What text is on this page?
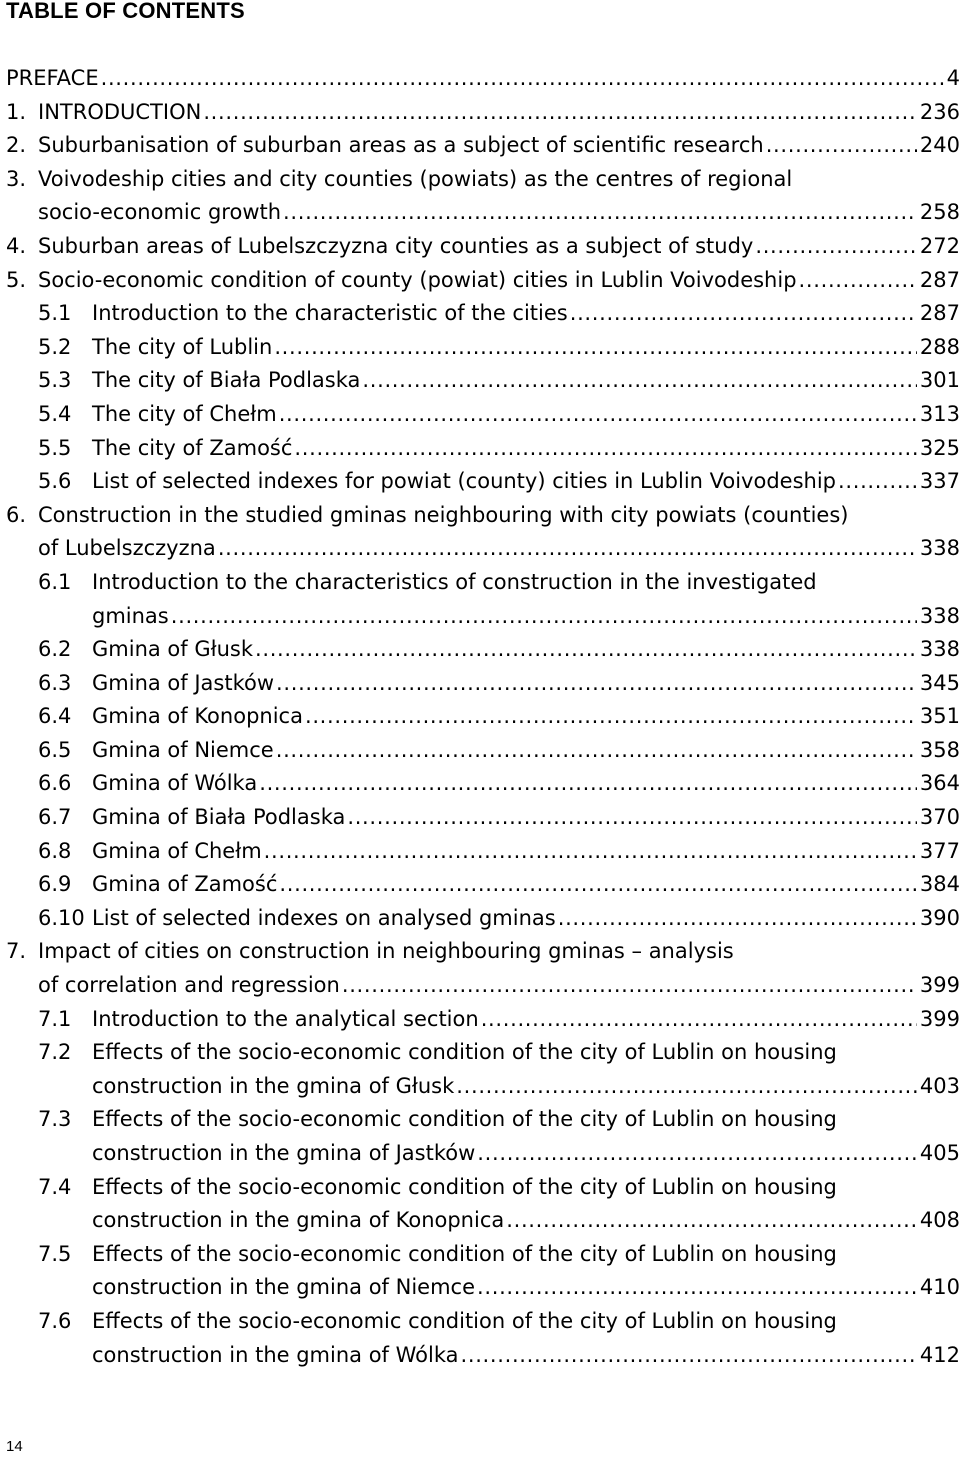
TABLE OF CONTENTS
PREFACE . . .	4
1. INTRODUCTION . . .	236
2. Suburbanisation of suburban areas as a subject of scientific research . . .	240
3. Voivodeship cities and city counties (powiats) as the centres of regional
socio-economic growth . . .	258
4. Suburban areas of Lubelszczyzna city counties as a subject of study . . .	272
5. Socio-economic condition of county (powiat) cities in Lublin Voivodeship . . .	287
5.1 Introduction to the characteristic of the cities . . .	287
5.2 The city of Lublin . . .	288
5.3 The city of Biała Podlaska . . .	301
5.4 The city of Chełm . . .	313
5.5 The city of Zamość . . .	325
5.6 List of selected indexes for powiat (county) cities in Lublin Voivodeship . . .	337
6. Construction in the studied gminas neighbouring with city powiats (counties)
of Lubelszczyzna . . .	338
6.1 Introduction to the characteristics of construction in the investigated
gminas . . .	338
6.2 Gmina of Głusk . . .	338
6.3 Gmina of Jastków . . .	345
6.4 Gmina of Konopnica . . .	351
6.5 Gmina of Niemce . . .	358
6.6 Gmina of Wólka . . .	364
6.7 Gmina of Biała Podlaska . . .	370
6.8 Gmina of Chełm . . .	377
6.9 Gmina of Zamość . . .	384
6.10 List of selected indexes on analysed gminas . . .	390
7. Impact of cities on construction in neighbouring gminas – analysis
of correlation and regression . . .	399
7.1 Introduction to the analytical section . . .	399
7.2 Effects of the socio-economic condition of the city of Lublin on housing
construction in the gmina of Głusk . . .	403
7.3 Effects of the socio-economic condition of the city of Lublin on housing
construction in the gmina of Jastków . . .	405
7.4 Effects of the socio-economic condition of the city of Lublin on housing
construction in the gmina of Konopnica . . .	408
7.5 Effects of the socio-economic condition of the city of Lublin on housing
construction in the gmina of Niemce . . .	410
7.6 Effects of the socio-economic condition of the city of Lublin on housing
construction in the gmina of Wólka . . .	412
14
